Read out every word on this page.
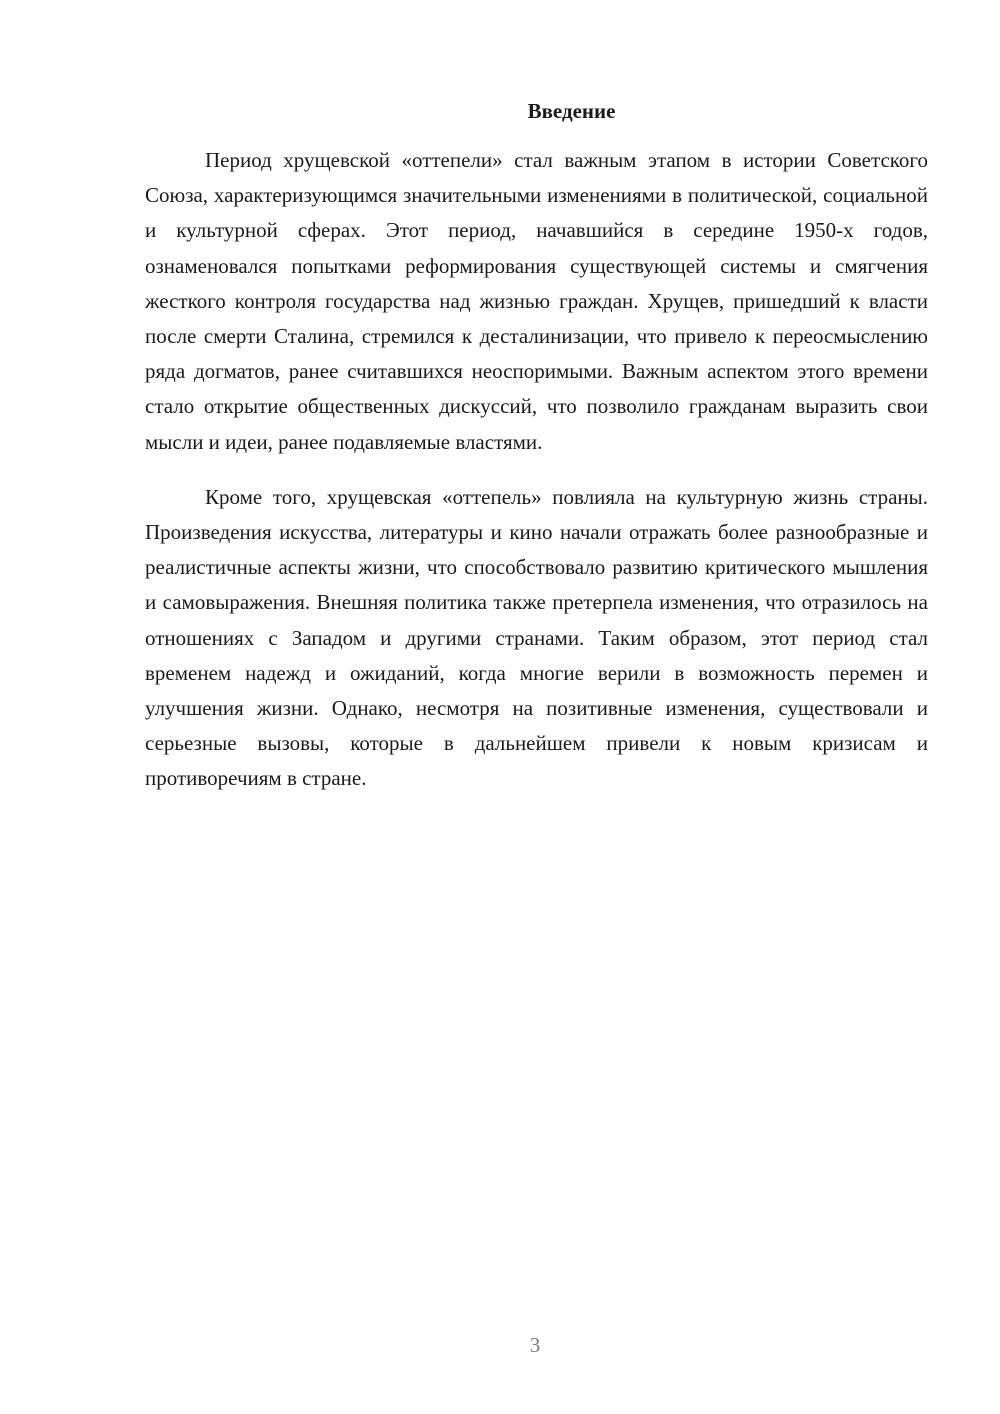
Введение

Период хрущевской «оттепели» стал важным этапом в истории Советского Союза, характеризующимся значительными изменениями в политической, социальной и культурной сферах. Этот период, начавшийся в середине 1950-х годов, ознаменовался попытками реформирования существующей системы и смягчения жесткого контроля государства над жизнью граждан. Хрущев, пришедший к власти после смерти Сталина, стремился к десталинизации, что привело к переосмыслению ряда догматов, ранее считавшихся неоспоримыми. Важным аспектом этого времени стало открытие общественных дискуссий, что позволило гражданам выразить свои мысли и идеи, ранее подавляемые властями.

Кроме того, хрущевская «оттепель» повлияла на культурную жизнь страны. Произведения искусства, литературы и кино начали отражать более разнообразные и реалистичные аспекты жизни, что способствовало развитию критического мышления и самовыражения. Внешняя политика также претерпела изменения, что отразилось на отношениях с Западом и другими странами. Таким образом, этот период стал временем надежд и ожиданий, когда многие верили в возможность перемен и улучшения жизни. Однако, несмотря на позитивные изменения, существовали и серьезные вызовы, которые в дальнейшем привели к новым кризисам и противоречиям в стране.

3
